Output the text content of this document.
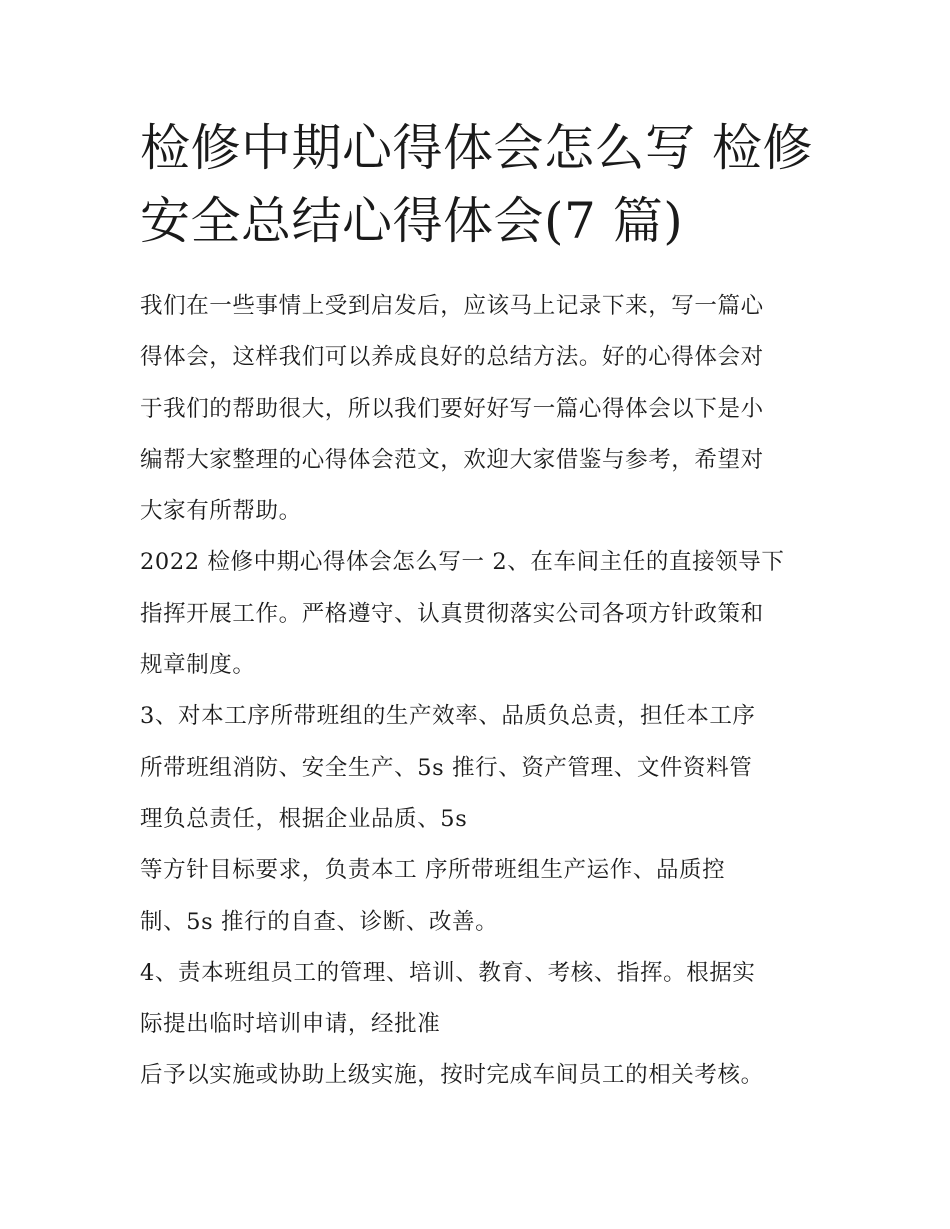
检修中期心得体会怎么写 检修
安全总结心得体会(7 篇)
我们在一些事情上受到启发后，应该马上记录下来，写一篇心
得体会，这样我们可以养成良好的总结方法。好的心得体会对
于我们的帮助很大，所以我们要好好写一篇心得体会以下是小
编帮大家整理的心得体会范文，欢迎大家借鉴与参考，希望对
大家有所帮助。
2022 检修中期心得体会怎么写一 2、在车间主任的直接领导下
指挥开展工作。严格遵守、认真贯彻落实公司各项方针政策和
规章制度。
3、对本工序所带班组的生产效率、品质负总责，担任本工序
所带班组消防、安全生产、5s 推行、资产管理、文件资料管
理负总责任，根据企业品质、5s
等方针目标要求，负责本工 序所带班组生产运作、品质控
制、5s 推行的自查、诊断、改善。
4、责本班组员工的管理、培训、教育、考核、指挥。根据实
际提出临时培训申请，经批准
后予以实施或协助上级实施，按时完成车间员工的相关考核。
